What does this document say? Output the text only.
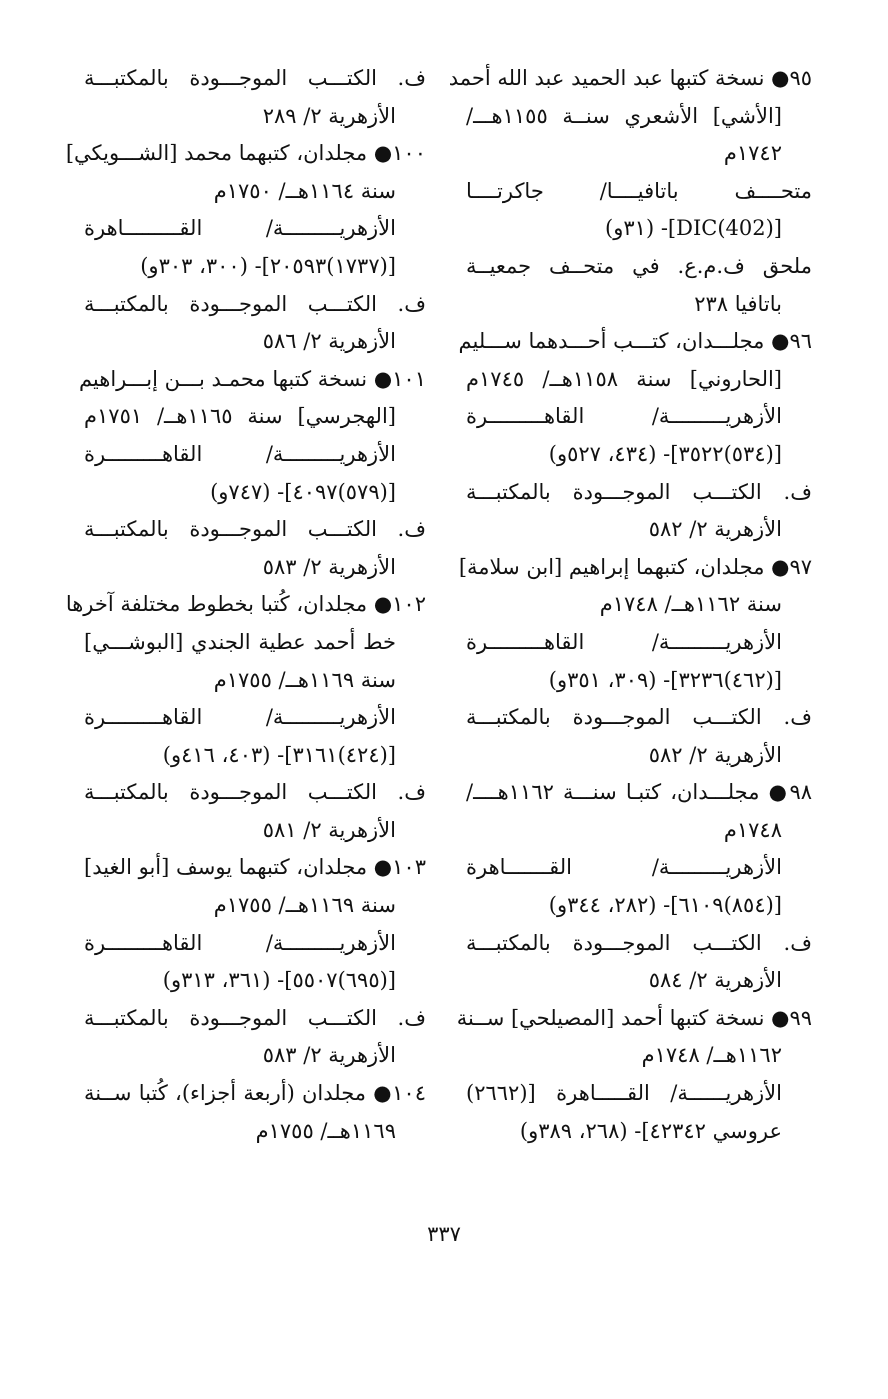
٩٥● نسخة كتبها عبد الحميد عبد الله أحمد
[الأشي] الأشعري سنــة ١١٥٥هـــ/
١٧٤٢م
متحــــف باتافيــــا/ جاكرتــــا
[DIC(402)]- (٣١و)
ملحق ف.م.ع. في متحــف جمعيــة
باتافيا ٢٣٨
٩٦● مجلـــدان، كتـــب أحـــدهما ســـليم
[الحاروني] سنة ١١٥٨هــ/ ١٧٤٥م
الأزهريـــــــــة/ القاهـــــــــرة
[(٥٣٤)٣٥٢٢]- (٤٣٤، ٥٢٧و)
ف. الكتـــب الموجـــودة بالمكتبـــة
الأزهرية ٢/ ٥٨٢
٩٧● مجلدان، كتبهما إبراهيم [ابن سلامة]
سنة ١١٦٢هــ/ ١٧٤٨م
الأزهريـــــــــة/ القاهـــــــــرة
[(٤٦٢)٣٢٣٦]- (٣٠٩، ٣٥١و)
ف. الكتـــب الموجـــودة بالمكتبـــة
الأزهرية ٢/ ٥٨٢
٩٨● مجلـــدان، كتبـا سنـــة ١١٦٢هــــ/
١٧٤٨م
الأزهريـــــــــة/ القـــــــاهرة
[(٨٥٤)٦١٠٩]- (٢٨٢، ٣٤٤و)
ف. الكتـــب الموجـــودة بالمكتبـــة
الأزهرية ٢/ ٥٨٤
٩٩● نسخة كتبها أحمد [المصيلحي] ســنة
١١٦٢هــ/ ١٧٤٨م
الأزهريــــــة/ القـــــاهرة [(٢٦٦٢)
عروسي ٤٢٣٤٢]- (٢٦٨، ٣٨٩و)
ف. الكتـــب الموجـــودة بالمكتبـــة
الأزهرية ٢/ ٢٨٩
١٠٠● مجلدان، كتبهما محمد [الشـــويكي]
سنة ١١٦٤هــ/ ١٧٥٠م
الأزهريـــــــــة/ القـــــــــاهرة
[(١٧٣٧)٢٠٥٩٣]- (٣٠٠، ٣٠٣و)
ف. الكتـــب الموجـــودة بالمكتبـــة
الأزهرية ٢/ ٥٨٦
١٠١● نسخة كتبها محمـد بـــن إبـــراهيم
[الهجرسي] سنة ١١٦٥هــ/ ١٧٥١م
الأزهريـــــــــة/ القاهـــــــــرة
[(٥٧٩)٤٠٩٧]- (٧٤٧و)
ف. الكتـــب الموجـــودة بالمكتبـــة
الأزهرية ٢/ ٥٨٣
١٠٢● مجلدان، كُتبا بخطوط مختلفة آخرها
خط أحمد عطية الجندي [البوشـــي]
سنة ١١٦٩هــ/ ١٧٥٥م
الأزهريـــــــــة/ القاهـــــــــرة
[(٤٢٤)٣١٦١]- (٤٠٣، ٤١٦و)
ف. الكتـــب الموجـــودة بالمكتبـــة
الأزهرية ٢/ ٥٨١
١٠٣● مجلدان، كتبهما يوسف [أبو الغيد]
سنة ١١٦٩هــ/ ١٧٥٥م
الأزهريـــــــــة/ القاهـــــــــرة
[(٦٩٥)٥٥٠٧]- (٣٦١، ٣١٣و)
ف. الكتـــب الموجـــودة بالمكتبـــة
الأزهرية ٢/ ٥٨٣
١٠٤● مجلدان (أربعة أجزاء)، كُتبا ســنة
١١٦٩هــ/ ١٧٥٥م
٣٣٧
